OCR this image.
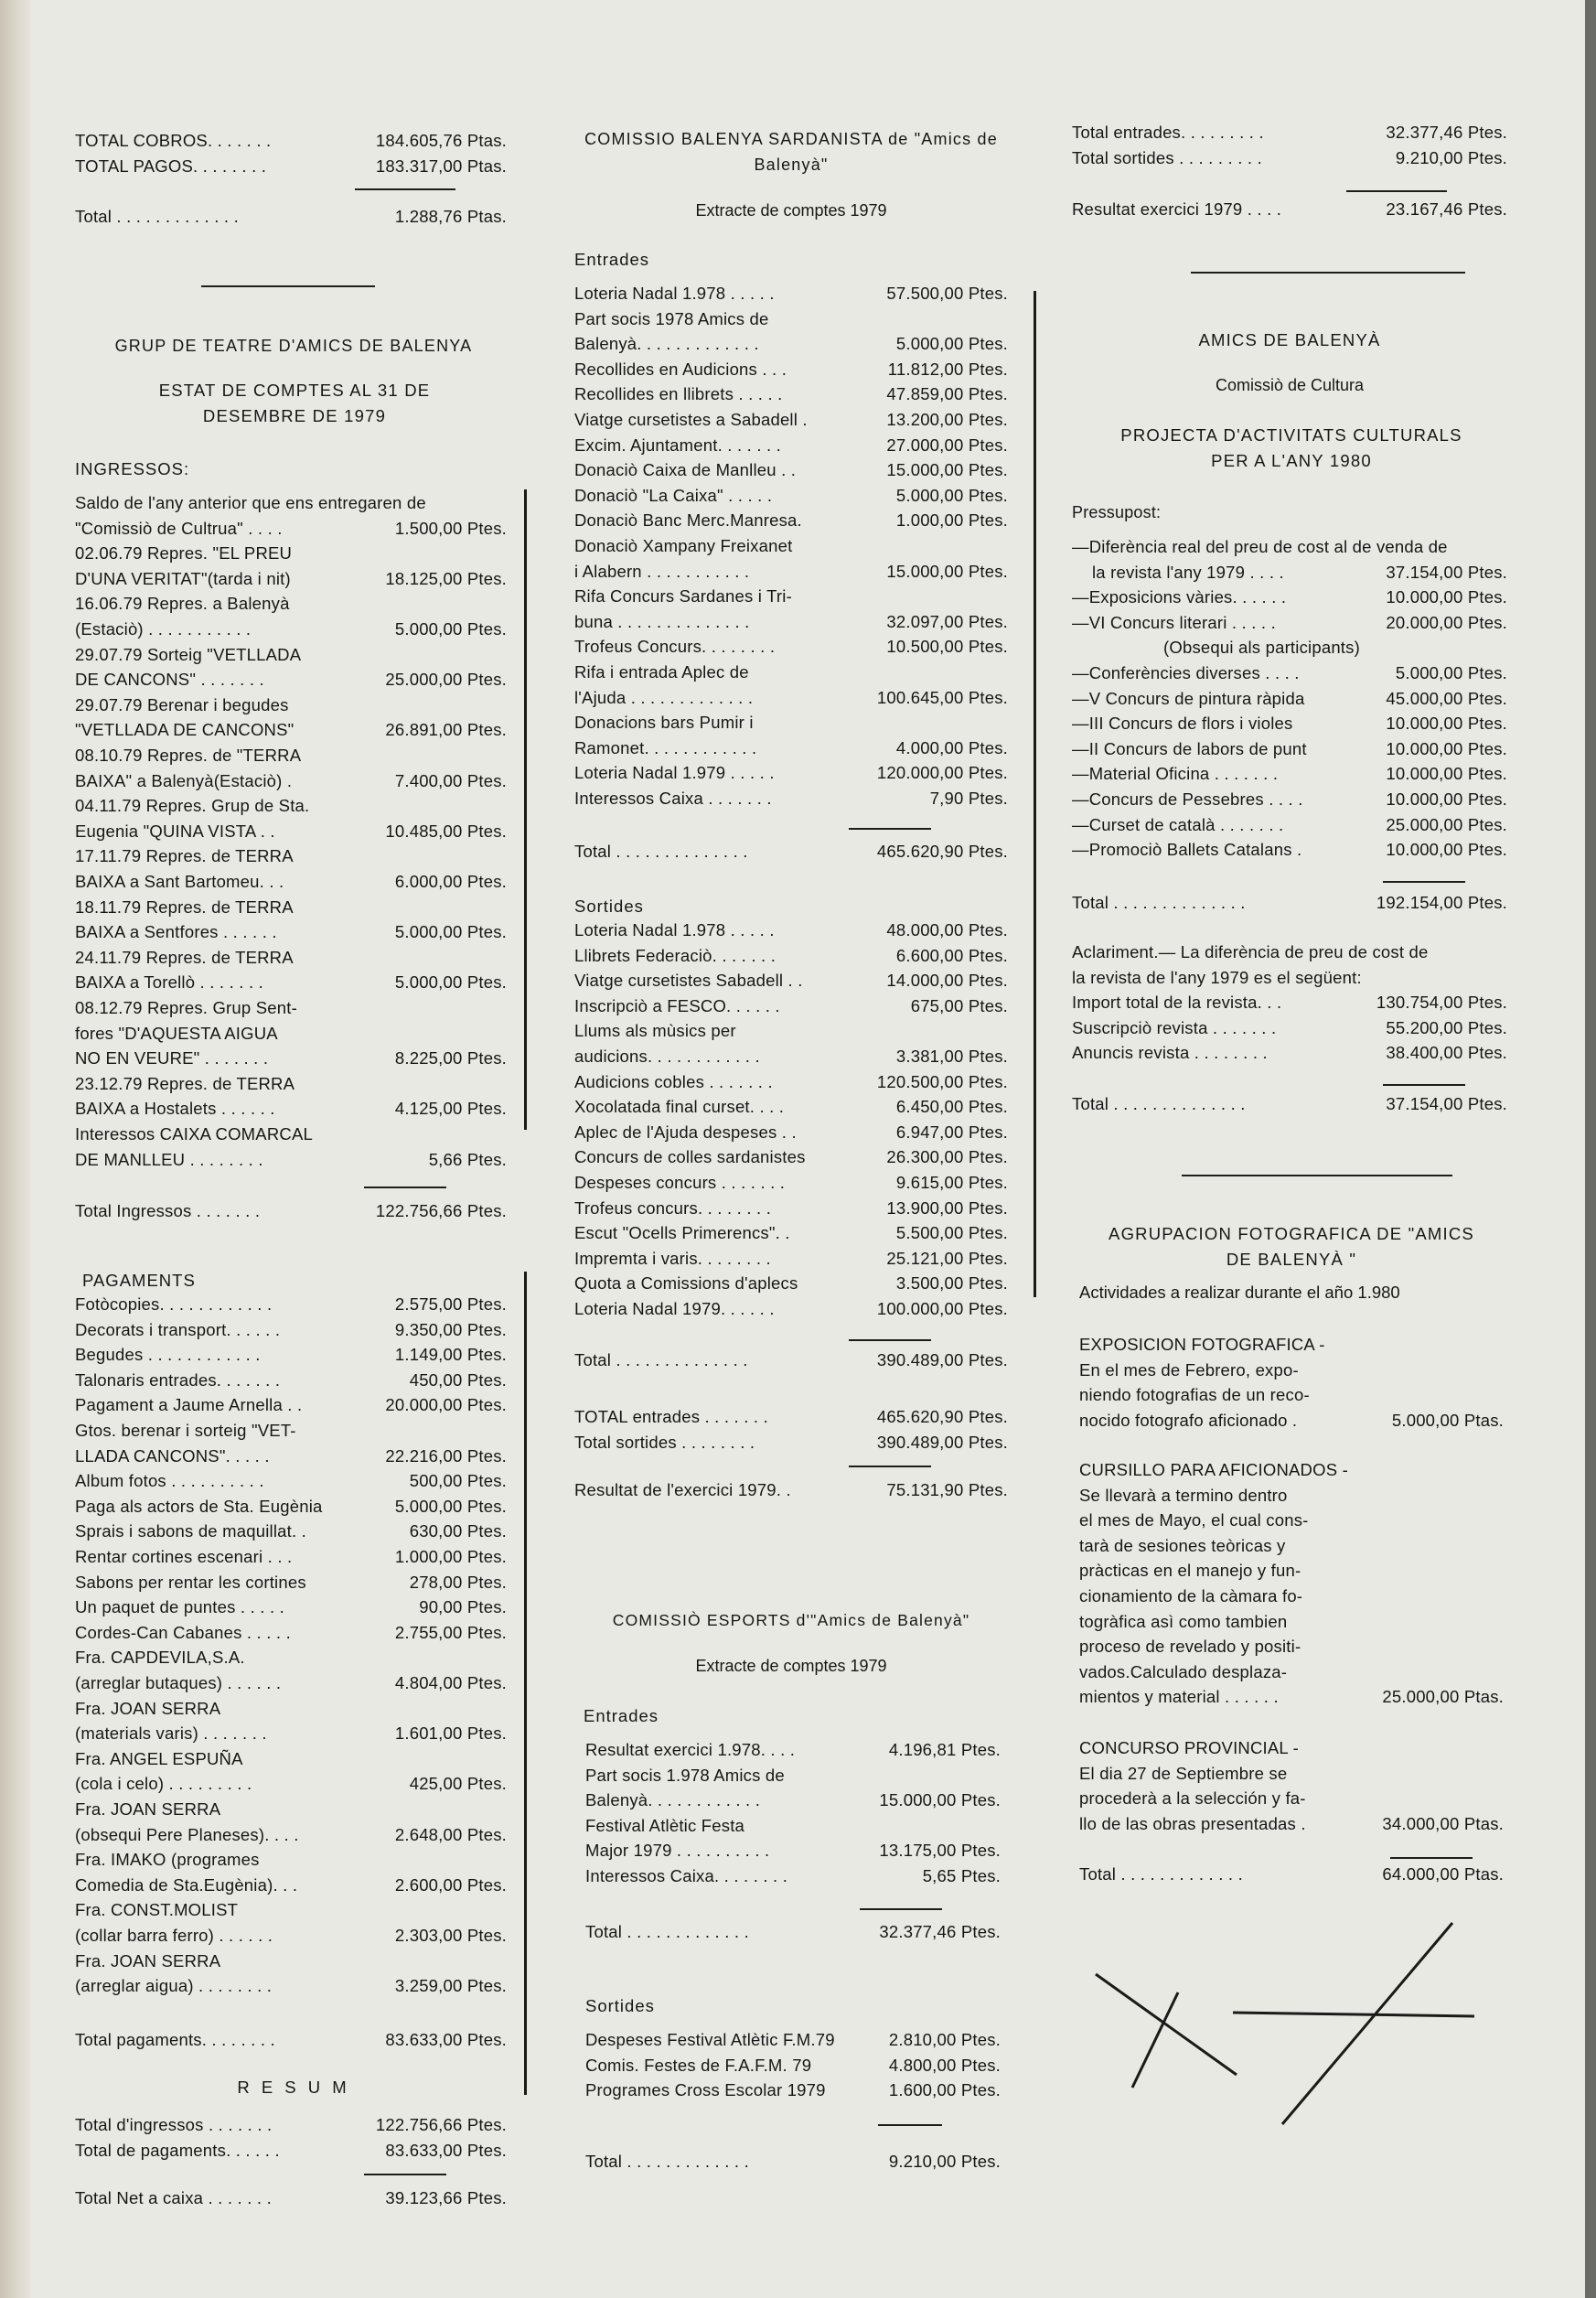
TOTAL COBROS. . . . . . .	184.605,76 Ptas.
TOTAL PAGOS. . . . . . . .	183.317,00 Ptas.
Total . . . . . . . . . . . . .	1.288,76 Ptas.
GRUP DE TEATRE D'AMICS DE BALENYA
ESTAT DE COMPTES AL 31 DE DESEMBRE DE 1979
INGRESSOS:
Saldo de l'any anterior que ens entregaren de
"Comissiò de Cultrua" . . . .	1.500,00 Ptes.
02.06.79 Repres. "EL PREU
D'UNA VERITAT"(tarda i nit)	18.125,00 Ptes.
16.06.79 Repres. a Balenyà
(Estaciò) . . . . . . . . . . .	5.000,00 Ptes.
29.07.79 Sorteig "VETLLADA
DE CANCONS" . . . . . . .	25.000,00 Ptes.
29.07.79 Berenar i begudes
"VETLLADA DE CANCONS"	26.891,00 Ptes.
08.10.79 Repres. de "TERRA
BAIXA" a Balenyà(Estaciò) .	7.400,00 Ptes.
04.11.79 Repres. Grup de Sta.
Eugenia "QUINA VISTA . .	10.485,00 Ptes.
17.11.79 Repres. de TERRA
BAIXA a Sant Bartomeu. . .	6.000,00 Ptes.
18.11.79 Repres. de TERRA
BAIXA a Sentfores . . . . . .	5.000,00 Ptes.
24.11.79 Repres. de TERRA
BAIXA a Torellò . . . . . . .	5.000,00 Ptes.
08.12.79 Repres. Grup Sent-
fores "D'AQUESTA AIGUA
NO EN VEURE" . . . . . . .	8.225,00 Ptes.
23.12.79 Repres. de TERRA
BAIXA a Hostalets . . . . . .	4.125,00 Ptes.
Interessos CAIXA COMARCAL
DE MANLLEU . . . . . . . .	5,66 Ptes.
Total Ingressos . . . . . . .	122.756,66 Ptes.
PAGAMENTS
Fotòcopies. . . . . . . . . . . .	2.575,00 Ptes.
Decorats i transport. . . . . .	9.350,00 Ptes.
Begudes . . . . . . . . . . . .	1.149,00 Ptes.
Talonaris entrades. . . . . . .	450,00 Ptes.
Pagament a Jaume Arnella . .	20.000,00 Ptes.
Gtos. berenar i sorteig "VET-
LLADA CANCONS". . . . .	22.216,00 Ptes.
Album fotos . . . . . . . . . .	500,00 Ptes.
Paga als actors de Sta. Eugènia	5.000,00 Ptes.
Sprais i sabons de maquillat. .	630,00 Ptes.
Rentar cortines escenari . . .	1.000,00 Ptes.
Sabons per rentar les cortines	278,00 Ptes.
Un paquet de puntes . . . . .	90,00 Ptes.
Cordes-Can Cabanes . . . . .	2.755,00 Ptes.
Fra. CAPDEVILA,S.A.
(arreglar butaques) . . . . . .	4.804,00 Ptes.
Fra. JOAN SERRA
(materials varis) . . . . . . .	1.601,00 Ptes.
Fra. ANGEL ESPUÑA
(cola i celo) . . . . . . . . .	425,00 Ptes.
Fra. JOAN SERRA
(obsequi Pere Planeses). . . .	2.648,00 Ptes.
Fra. IMAKO (programes
Comedia de Sta.Eugènia). . .	2.600,00 Ptes.
Fra. CONST.MOLIST
(collar barra ferro) . . . . . .	2.303,00 Ptes.
Fra. JOAN SERRA
(arreglar aigua) . . . . . . . .	3.259,00 Ptes.
Total pagaments. . . . . . . .	83.633,00 Ptes.
R E S U M
Total d'ingressos . . . . . . .	122.756,66 Ptes.
Total de pagaments. . . . . .	83.633,00 Ptes.
Total Net a caixa . . . . . . .	39.123,66 Ptes.
COMISSIO BALENYA SARDANISTA de "Amics de Balenyà"
Extracte de comptes 1979
Entrades
Loteria Nadal 1.978 . . . . .	57.500,00 Ptes.
Part socis 1978 Amics de
Balenyà. . . . . . . . . . . . .	5.000,00 Ptes.
Recollides en Audicions . . .	11.812,00 Ptes.
Recollides en llibrets . . . . .	47.859,00 Ptes.
Viatge cursetistes a Sabadell .	13.200,00 Ptes.
Excim. Ajuntament. . . . . . .	27.000,00 Ptes.
Donaciò Caixa de Manlleu . .	15.000,00 Ptes.
Donaciò "La Caixa" . . . . .	5.000,00 Ptes.
Donaciò Banc Merc.Manresa.	1.000,00 Ptes.
Donaciò Xampany Freixanet
i Alabern . . . . . . . . . . .	15.000,00 Ptes.
Rifa Concurs Sardanes i Tri-
buna . . . . . . . . . . . . . .	32.097,00 Ptes.
Trofeus Concurs. . . . . . . .	10.500,00 Ptes.
Rifa i entrada Aplec de
l'Ajuda . . . . . . . . . . . . .	100.645,00 Ptes.
Donacions bars Pumir i
Ramonet. . . . . . . . . . . .	4.000,00 Ptes.
Loteria Nadal 1.979 . . . . .	120.000,00 Ptes.
Interessos Caixa . . . . . . .	7,90 Ptes.
Total . . . . . . . . . . . . . .	465.620,90 Ptes.
Sortides
Loteria Nadal 1.978 . . . . .	48.000,00 Ptes.
Llibrets Federaciò. . . . . . .	6.600,00 Ptes.
Viatge cursetistes Sabadell . .	14.000,00 Ptes.
Inscripciò a FESCO. . . . . .	675,00 Ptes.
Llums als mùsics per
audicions. . . . . . . . . . . .	3.381,00 Ptes.
Audicions cobles . . . . . . .	120.500,00 Ptes.
Xocolatada final curset. . . .	6.450,00 Ptes.
Aplec de l'Ajuda despeses . .	6.947,00 Ptes.
Concurs de colles sardanistes	26.300,00 Ptes.
Despeses concurs . . . . . . .	9.615,00 Ptes.
Trofeus concurs. . . . . . . .	13.900,00 Ptes.
Escut "Ocells Primerencs". .	5.500,00 Ptes.
Impremta i varis. . . . . . . .	25.121,00 Ptes.
Quota a Comissions d'aplecs	3.500,00 Ptes.
Loteria Nadal 1979. . . . . .	100.000,00 Ptes.
Total . . . . . . . . . . . . . .	390.489,00 Ptes.
TOTAL entrades . . . . . . .	465.620,90 Ptes.
Total sortides . . . . . . . .	390.489,00 Ptes.
Resultat de l'exercici 1979. .	75.131,90 Ptes.
COMISSIÒ ESPORTS d'"Amics de Balenyà"
Extracte de comptes 1979
Entrades
Resultat exercici 1.978. . . .	4.196,81 Ptes.
Part socis 1.978 Amics de
Balenyà. . . . . . . . . . . .	15.000,00 Ptes.
Festival Atlètic Festa
Major 1979 . . . . . . . . . .	13.175,00 Ptes.
Interessos Caixa. . . . . . . .	5,65 Ptes.
Total . . . . . . . . . . . . .	32.377,46 Ptes.
Sortides
Despeses Festival Atlètic F.M.79	2.810,00 Ptes.
Comis. Festes de F.A.F.M. 79	4.800,00 Ptes.
Programes Cross Escolar 1979	1.600,00 Ptes.
Total . . . . . . . . . . . . .	9.210,00 Ptes.
Total entrades. . . . . . . . .	32.377,46 Ptes.
Total sortides . . . . . . . . .	9.210,00 Ptes.
Resultat exercici 1979 . . . .	23.167,46 Ptes.
AMICS DE BALENYÀ
Comissiò de Cultura
PROJECTA D'ACTIVITATS CULTURALS PER A L'ANY 1980
Pressupost:
—Diferència real del preu de cost al de venda de
la revista l'any 1979 . . . .	37.154,00 Ptes.
—Exposicions vàries. . . . . .	10.000,00 Ptes.
—VI Concurs literari . . . . .	20.000,00 Ptes.
(Obsequi als participants)
—Conferències diverses . . . .	5.000,00 Ptes.
—V Concurs de pintura ràpida	45.000,00 Ptes.
—III Concurs de flors i violes	10.000,00 Ptes.
—II Concurs de labors de punt	10.000,00 Ptes.
—Material Oficina . . . . . . .	10.000,00 Ptes.
—Concurs de Pessebres . . . .	10.000,00 Ptes.
—Curset de català . . . . . . .	25.000,00 Ptes.
—Promociò Ballets Catalans .	10.000,00 Ptes.
Total . . . . . . . . . . . . . .	192.154,00 Ptes.
Aclariment.— La diferència de preu de cost de
la revista de l'any 1979 es el següent:
Import total de la revista. . .	130.754,00 Ptes.
Suscripciò revista . . . . . . .	55.200,00 Ptes.
Anuncis revista . . . . . . . .	38.400,00 Ptes.
Total . . . . . . . . . . . . . .	37.154,00 Ptes.
AGRUPACION FOTOGRAFICA DE "AMICS DE BALENYÀ "
Actividades a realizar durante el año 1.980
EXPOSICION FOTOGRAFICA -
En el mes de Febrero, expo-
niendo fotografias de un reco-
nocido fotografo aficionado .	5.000,00 Ptas.
CURSILLO PARA AFICIONADOS -
Se llevarà a termino dentro
el mes de Mayo, el cual cons-
tarà de sesiones teòricas y
pràcticas en el manejo y fun-
cionamiento de la càmara fo-
togràfica asì como tambien
proceso de revelado y positi-
vados.Calculado desplaza-
mientos y material . . . . . .	25.000,00 Ptas.
CONCURSO PROVINCIAL -
El dia 27 de Septiembre se
procederà a la selección y fa-
llo de las obras presentadas .	34.000,00 Ptas.
Total . . . . . . . . . . . . .	64.000,00 Ptas.
